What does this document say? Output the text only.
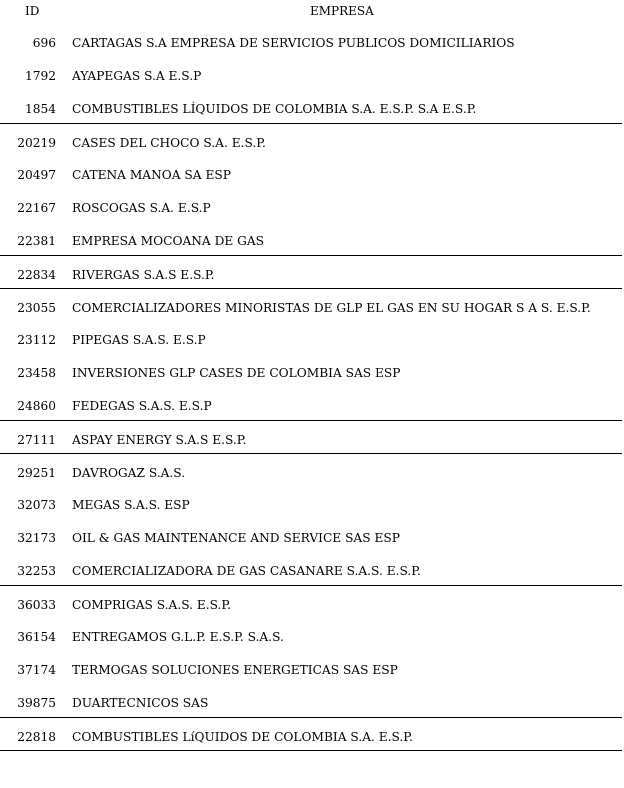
ID	EMPRESA
696 CARTAGAS S.A EMPRESA DE SERVICIOS PUBLICOS DOMICILIARIOS
1792 AYAPEGAS S.A E.S.P
1854 COMBUSTIBLES LÍQUIDOS DE COLOMBIA S.A. E.S.P. S.A E.S.P.
20219 CASES DEL CHOCO S.A. E.S.P.
20497 CATENA MANOA SA ESP
22167 ROSCOGAS S.A. E.S.P
22381 EMPRESA MOCOANA DE GAS
22834 RIVERGAS S.A.S E.S.P.
23055 COMERCIALIZADORES MINORISTAS DE GLP EL GAS EN SU HOGAR S A S. E.S.P.
23112 PIPEGAS S.A.S. E.S.P
23458 INVERSIONES GLP CASES DE COLOMBIA SAS ESP
24860 FEDEGAS S.A.S. E.S.P
27111 ASPAY ENERGY S.A.S E.S.P.
29251 DAVROGAZ S.A.S.
32073 MEGAS S.A.S. ESP
32173 OIL & GAS MAINTENANCE AND SERVICE SAS ESP
32253 COMERCIALIZADORA DE GAS CASANARE S.A.S. E.S.P.
36033 COMPRIGAS S.A.S. E.S.P.
36154 ENTREGAMOS G.L.P. E.S.P. S.A.S.
37174 TERMOGAS SOLUCIONES ENERGETICAS SAS ESP
39875 DUARTECNICOS SAS
22818 COMBUSTIBLES LíQUIDOS DE COLOMBIA S.A. E.S.P.
